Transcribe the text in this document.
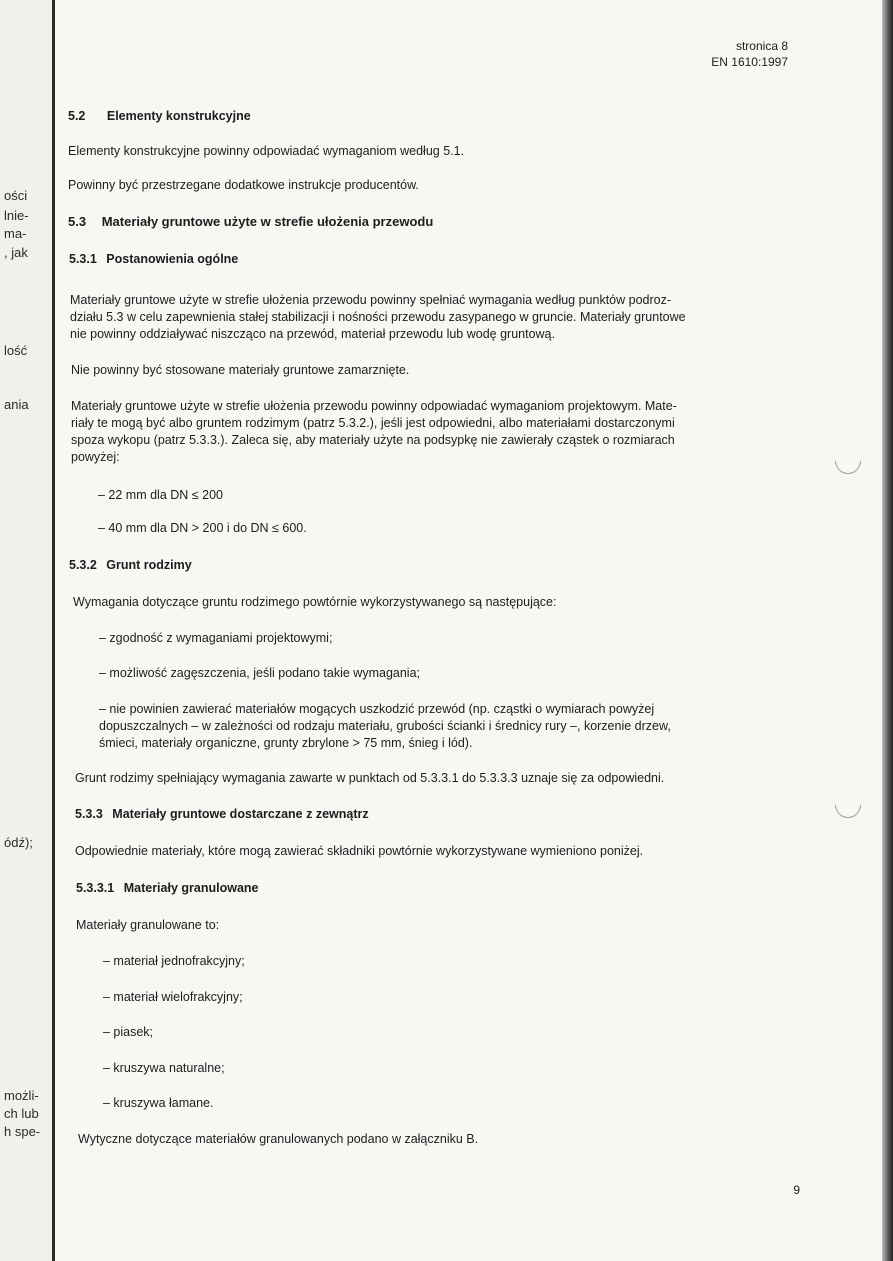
ości
lnie-
ma-
, jak
lość
ania
ódź);
możli-
ch lub
h spe-
stronica 8
EN 1610:1997
5.2 Elementy konstrukcyjne
Elementy konstrukcyjne powinny odpowiadać wymaganiom według 5.1.
Powinny być przestrzegane dodatkowe instrukcje producentów.
5.3 Materiały gruntowe użyte w strefie ułożenia przewodu
5.3.1 Postanowienia ogólne
Materiały gruntowe użyte w strefie ułożenia przewodu powinny spełniać wymagania według punktów podroz-
działu 5.3 w celu zapewnienia stałej stabilizacji i nośności przewodu zasypanego w gruncie. Materiały gruntowe
nie powinny oddziaływać niszcząco na przewód, materiał przewodu lub wodę gruntową.
Nie powinny być stosowane materiały gruntowe zamarznięte.
Materiały gruntowe użyte w strefie ułożenia przewodu powinny odpowiadać wymaganiom projektowym. Mate-
riały te mogą być albo gruntem rodzimym (patrz 5.3.2.), jeśli jest odpowiedni, albo materiałami dostarczonymi
spoza wykopu (patrz 5.3.3.). Zaleca się, aby materiały użyte na podsypkę nie zawierały cząstek o rozmiarach
powyżej:
– 22 mm dla DN ≤ 200
– 40 mm dla DN > 200 i do DN ≤ 600.
5.3.2 Grunt rodzimy
Wymagania dotyczące gruntu rodzimego powtórnie wykorzystywanego są następujące:
– zgodność z wymaganiami projektowymi;
– możliwość zagęszczenia, jeśli podano takie wymagania;
– nie powinien zawierać materiałów mogących uszkodzić przewód (np. cząstki o wymiarach powyżej
dopuszczalnych – w zależności od rodzaju materiału, grubości ścianki i średnicy rury –, korzenie drzew,
śmieci, materiały organiczne, grunty zbrylone > 75 mm, śnieg i lód).
Grunt rodzimy spełniający wymagania zawarte w punktach od 5.3.3.1 do 5.3.3.3 uznaje się za odpowiedni.
5.3.3 Materiały gruntowe dostarczane z zewnątrz
Odpowiednie materiały, które mogą zawierać składniki powtórnie wykorzystywane wymieniono poniżej.
5.3.3.1 Materiały granulowane
Materiały granulowane to:
– materiał jednofrakcyjny;
– materiał wielofrakcyjny;
– piasek;
– kruszywa naturalne;
– kruszywa łamane.
Wytyczne dotyczące materiałów granulowanych podano w załączniku B.
9
